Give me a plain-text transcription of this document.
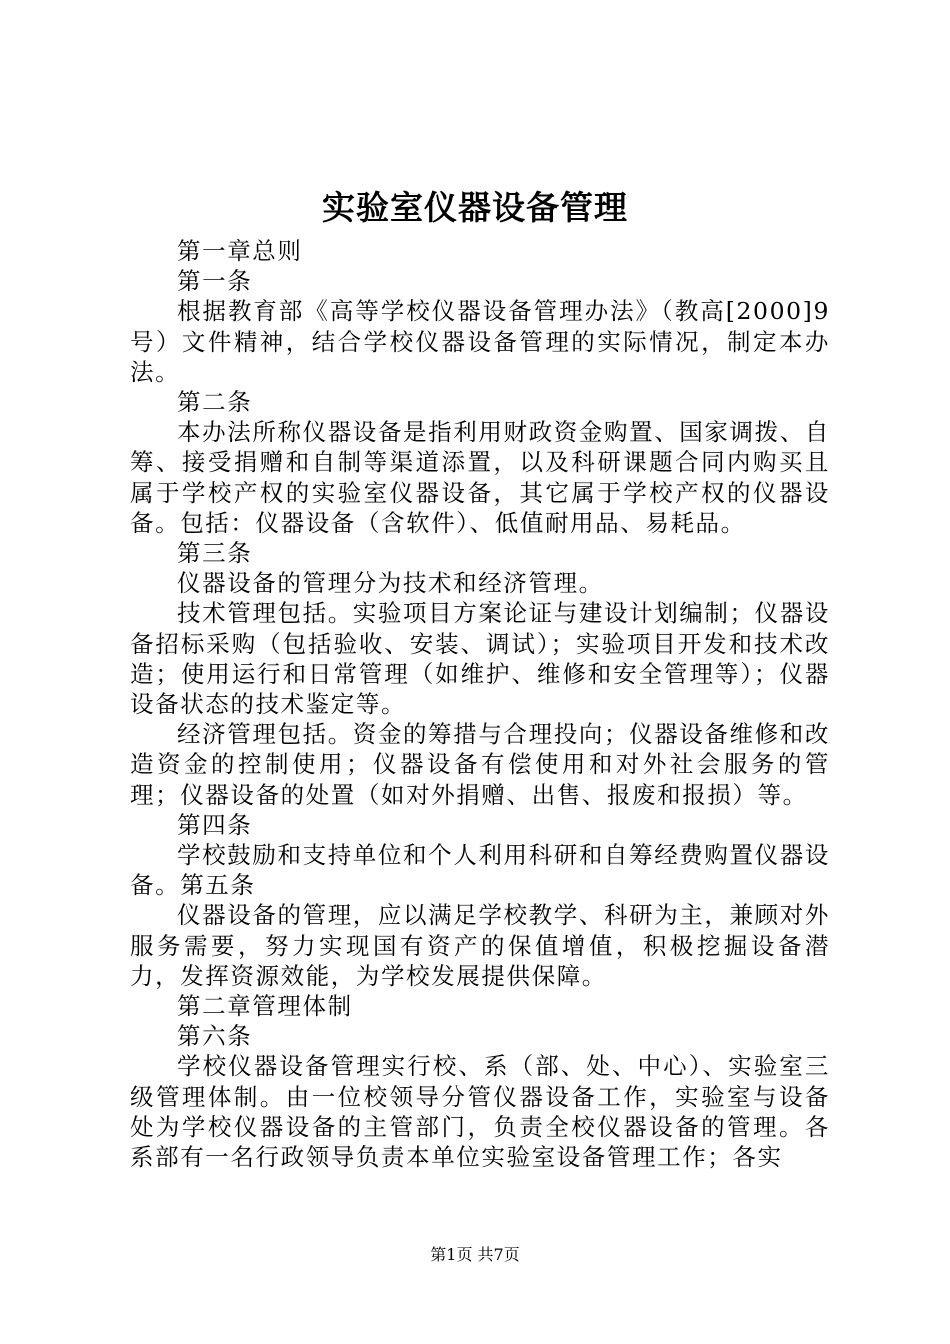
实验室仪器设备管理

第一章总则

第一条

根据教育部《高等学校仪器设备管理办法》（教高[2000]9号）文件精神，结合学校仪器设备管理的实际情况，制定本办法。

第二条

本办法所称仪器设备是指利用财政资金购置、国家调拨、自筹、接受捐赠和自制等渠道添置，以及科研课题合同内购买且属于学校产权的实验室仪器设备，其它属于学校产权的仪器设备。包括：仪器设备（含软件）、低值耐用品、易耗品。

第三条

仪器设备的管理分为技术和经济管理。

技术管理包括。实验项目方案论证与建设计划编制；仪器设备招标采购（包括验收、安装、调试）；实验项目开发和技术改造；使用运行和日常管理（如维护、维修和安全管理等）；仪器设备状态的技术鉴定等。

经济管理包括。资金的筹措与合理投向；仪器设备维修和改造资金的控制使用；仪器设备有偿使用和对外社会服务的管理；仪器设备的处置（如对外捐赠、出售、报废和报损）等。

第四条

学校鼓励和支持单位和个人利用科研和自筹经费购置仪器设备。第五条

仪器设备的管理，应以满足学校教学、科研为主，兼顾对外服务需要，努力实现国有资产的保值增值，积极挖掘设备潜力，发挥资源效能，为学校发展提供保障。

第二章管理体制

第六条

学校仪器设备管理实行校、系（部、处、中心）、实验室三级管理体制。由一位校领导分管仪器设备工作，实验室与设备处为学校仪器设备的主管部门，负责全校仪器设备的管理。各系部有一名行政领导负责本单位实验室设备管理工作；各实

第1页 共7页
